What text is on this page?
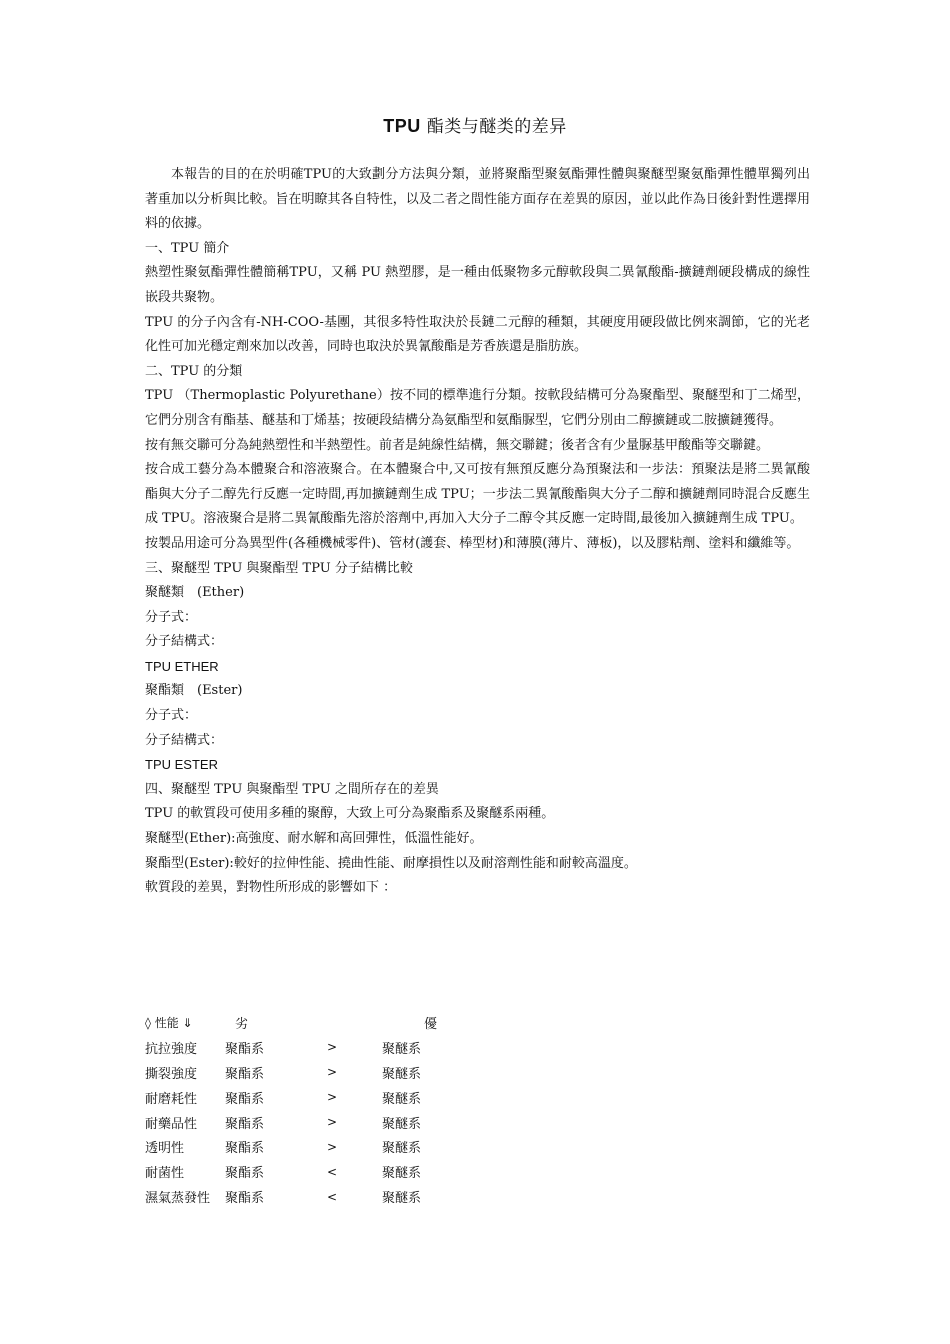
TPU 酯类与醚类的差异

本報告的目的在於明確TPU的大致劃分方法與分類，並將聚酯型聚氨酯彈性體與聚醚型聚氨酯彈性體單獨列出著重加以分析與比較。旨在明瞭其各自特性，以及二者之間性能方面存在差異的原因，並以此作為日後針對性選擇用料的依據。

一、TPU 簡介

熱塑性聚氨酯彈性體簡稱TPU，又稱 PU 熱塑膠，是一種由低聚物多元醇軟段與二異氰酸酯-擴鏈劑硬段構成的線性嵌段共聚物。

TPU 的分子內含有-NH-COO-基團，其很多特性取決於長鏈二元醇的種類，其硬度用硬段做比例來調節，它的光老化性可加光穩定劑來加以改善，同時也取決於異氰酸酯是芳香族還是脂肪族。

二、TPU 的分類

TPU （Thermoplastic Polyurethane）按不同的標準進行分類。按軟段結構可分為聚酯型、聚醚型和丁二烯型，它們分別含有酯基、醚基和丁烯基；按硬段結構分為氨酯型和氨酯脲型，它們分別由二醇擴鏈或二胺擴鏈獲得。

按有無交聯可分為純熱塑性和半熱塑性。前者是純線性結構，無交聯鍵；後者含有少量脲基甲酸酯等交聯鍵。

按合成工藝分為本體聚合和溶液聚合。在本體聚合中,又可按有無預反應分為預聚法和一步法：預聚法是將二異氰酸酯與大分子二醇先行反應一定時間,再加擴鏈劑生成 TPU；一步法二異氰酸酯與大分子二醇和擴鏈劑同時混合反應生成 TPU。溶液聚合是將二異氰酸酯先溶於溶劑中,再加入大分子二醇令其反應一定時間,最後加入擴鏈劑生成 TPU。

按製品用途可分為異型件(各種機械零件)、管材(護套、棒型材)和薄膜(薄片、薄板)，以及膠粘劑、塗料和纖維等。

三、聚醚型 TPU 與聚酯型 TPU 分子結構比較

聚醚類　(Ether)

分子式：

分子結構式：

TPU ETHER

聚酯類　(Ester)

分子式：

分子結構式：

TPU ESTER

四、聚醚型 TPU 與聚酯型 TPU 之間所存在的差異

TPU 的軟質段可使用多種的聚醇，大致上可分為聚酯系及聚醚系兩種。

聚醚型(Ether):高強度、耐水解和高回彈性，低溫性能好。

聚酯型(Ester):較好的拉伸性能、撓曲性能、耐摩損性以及耐溶劑性能和耐較高溫度。

軟質段的差異，對物性所形成的影響如下 ：

◊ 性能 ⇓	劣		優
抗拉強度	聚酯系	>	聚醚系
撕裂強度	聚酯系	>	聚醚系
耐磨耗性	聚酯系	>	聚醚系
耐藥品性	聚酯系	>	聚醚系
透明性	聚酯系	>	聚醚系
耐菌性	聚酯系	<	聚醚系
濕氣蒸發性	聚酯系	<	聚醚系
